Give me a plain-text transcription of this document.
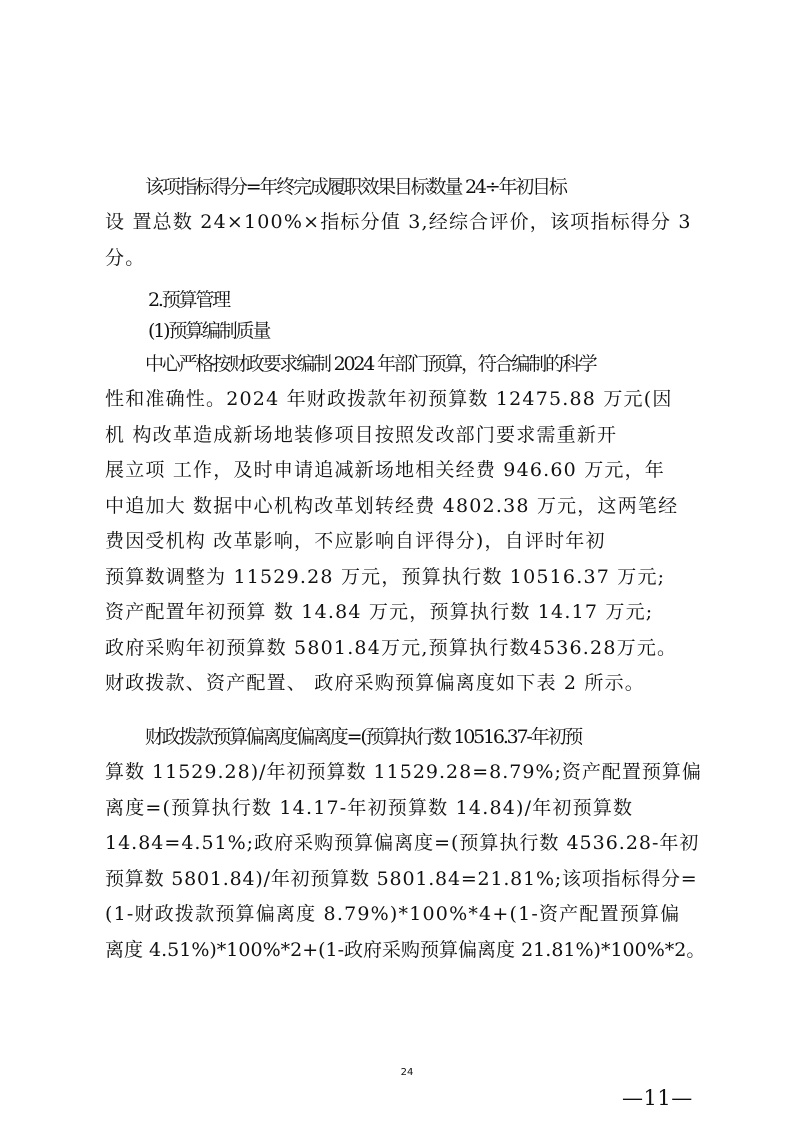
该项指标得分=年终完成履职效果目标数量 24÷年初目标
设 置总数 24×100%×指标分值 3,经综合评价，该项指标得分 3
分。
2.预算管理
(1)预算编制质量
中心严格按财政要求编制 2024 年部门预算，符合编制的科学
性和准确性。2024 年财政拨款年初预算数 12475.88 万元(因
机 构改革造成新场地装修项目按照发改部门要求需重新开
展立项 工作，及时申请追减新场地相关经费 946.60 万元，年
中追加大 数据中心机构改革划转经费 4802.38 万元，这两笔经
费因受机构 改革影响，不应影响自评得分)，自评时年初
预算数调整为 11529.28 万元，预算执行数 10516.37 万元;
资产配置年初预算 数 14.84 万元，预算执行数 14.17 万元;
政府采购年初预算数 5801.84万元,预算执行数4536.28万元。
财政拨款、资产配置、 政府采购预算偏离度如下表 2 所示。
财政拨款预算偏离度偏离度=(预算执行数 10516.37-年初预
算数 11529.28)/年初预算数 11529.28=8.79%;资产配置预算偏
离度=(预算执行数 14.17-年初预算数 14.84)/年初预算数
14.84=4.51%;政府采购预算偏离度=(预算执行数 4536.28-年初
预算数 5801.84)/年初预算数 5801.84=21.81%;该项指标得分=
(1-财政拨款预算偏离度 8.79%)*100%*4+(1-资产配置预算偏
离度 4.51%)*100%*2+(1-政府采购预算偏离度 21.81%)*100%*2。
24
—11—
